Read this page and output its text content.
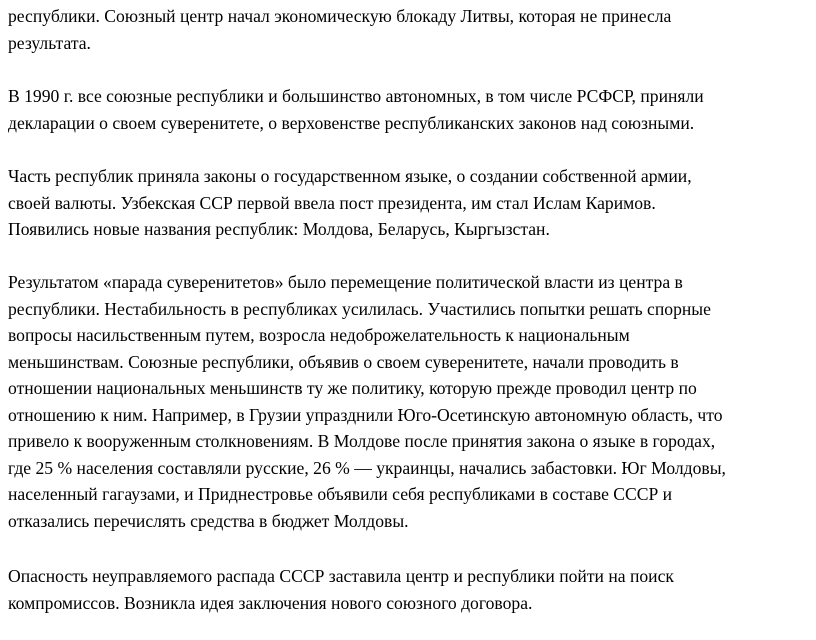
республики. Союзный центр начал экономическую блокаду Литвы, которая не принесла
результата.

В 1990 г. все союзные республики и большинство автономных, в том числе РСФСР, приняли
декларации о своем суверенитете, о верховенстве республиканских законов над союзными.

Часть республик приняла законы о государственном языке, о создании собственной армии,
своей валюты. Узбекская ССР первой ввела пост президента, им стал Ислам Каримов.
Появились новые названия республик: Молдова, Беларусь, Кыргызстан.

Результатом «парада суверенитетов» было перемещение политической власти из центра в
республики. Нестабильность в республиках усилилась. Участились попытки решать спорные
вопросы насильственным путем, возросла недоброжелательность к национальным
меньшинствам. Союзные республики, объявив о своем суверенитете, начали проводить в
отношении национальных меньшинств ту же политику, которую прежде проводил центр по
отношению к ним. Например, в Грузии упразднили Юго-Осетинскую автономную область, что
привело к вооруженным столкновениям. В Молдове после принятия закона о языке в городах,
где 25 % населения составляли русские, 26 % — украинцы, начались забастовки. Юг Молдовы,
населенный гагаузами, и Приднестровье объявили себя республиками в составе СССР и
отказались перечислять средства в бюджет Молдовы.

Опасность неуправляемого распада СССР заставила центр и республики пойти на поиск
компромиссов. Возникла идея заключения нового союзного договора.
